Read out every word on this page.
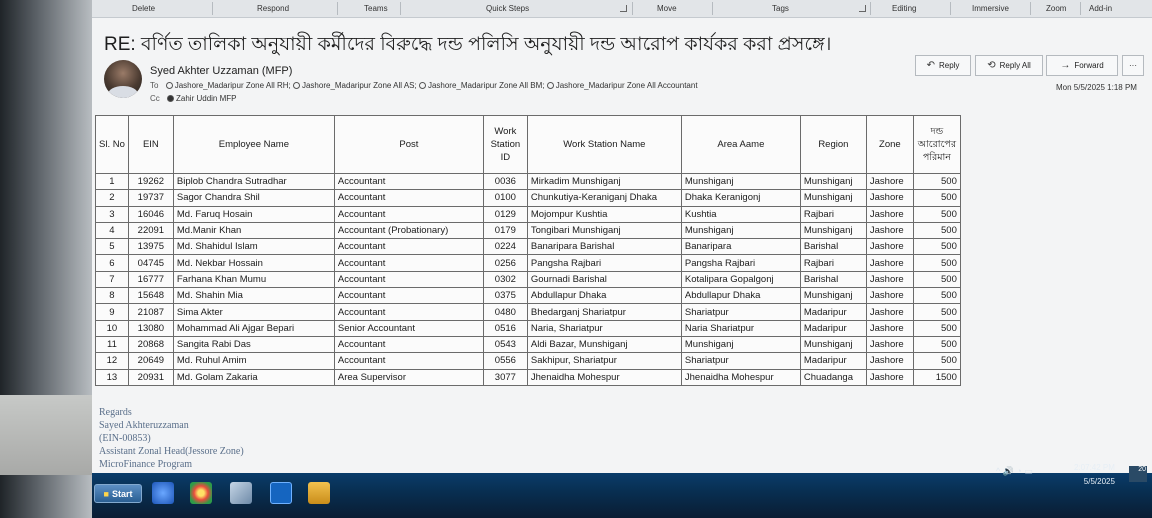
Delete	Respond	Teams	Quick Steps	Move	Tags	Editing	Immersive	Zoom	Add-in
RE: বর্ণিত তালিকা অনুযায়ী কর্মীদের বিরুদ্ধে দন্ড পলিসি অনুযায়ী দন্ড আরোপ কার্যকর করা প্রসঙ্গে।
Syed Akhter Uzzaman (MFP)
To Jashore_Madaripur Zone All RH; Jashore_Madaripur Zone All AS; Jashore_Madaripur Zone All BM; Jashore_Madaripur Zone All Accountant
Cc Zahir Uddin MFP
↶ Reply	⟲ Reply All	→ Forward	···
Mon 5/5/2025 1:18 PM
Sl. No	EIN	Employee Name	Post	Work Station ID	Work Station Name	Area Aame	Region	Zone	দন্ড আরোপের পরিমান
1	19262	Biplob Chandra Sutradhar	Accountant	0036	Mirkadim Munshiganj	Munshiganj	Munshiganj	Jashore	500
2	19737	Sagor Chandra Shil	Accountant	0100	Chunkutiya-Keraniganj Dhaka	Dhaka Keranigonj	Munshiganj	Jashore	500
3	16046	Md. Faruq Hosain	Accountant	0129	Mojompur Kushtia	Kushtia	Rajbari	Jashore	500
4	22091	Md.Manir Khan	Accountant (Probationary)	0179	Tongibari Munshiganj	Munshiganj	Munshiganj	Jashore	500
5	13975	Md. Shahidul Islam	Accountant	0224	Banaripara Barishal	Banaripara	Barishal	Jashore	500
6	04745	Md. Nekbar Hossain	Accountant	0256	Pangsha Rajbari	Pangsha Rajbari	Rajbari	Jashore	500
7	16777	Farhana Khan Mumu	Accountant	0302	Gournadi Barishal	Kotalipara Gopalgonj	Barishal	Jashore	500
8	15648	Md. Shahin Mia	Accountant	0375	Abdullapur Dhaka	Abdullapur Dhaka	Munshiganj	Jashore	500
9	21087	Sima Akter	Accountant	0480	Bhedarganj Shariatpur	Shariatpur	Madaripur	Jashore	500
10	13080	Mohammad Ali Ajgar Bepari	Senior Accountant	0516	Naria, Shariatpur	Naria Shariatpur	Madaripur	Jashore	500
11	20868	Sangita Rabi Das	Accountant	0543	Aldi Bazar, Munshiganj	Munshiganj	Munshiganj	Jashore	500
12	20649	Md. Ruhul Amim	Accountant	0556	Sakhipur, Shariatpur	Shariatpur	Madaripur	Jashore	500
13	20931	Md. Golam Zakaria	Area Supervisor	3077	Jhenaidha Mohespur	Jhenaidha Mohespur	Chuadanga	Jashore	1500
Regards
Sayed Akhteruzzaman
(EIN-00853)
Assistant Zonal Head(Jessore Zone)
MicroFinance Program
■ Start
^ 🔊 ◔ ▭	2:07:42 PM
5/5/2025
20
